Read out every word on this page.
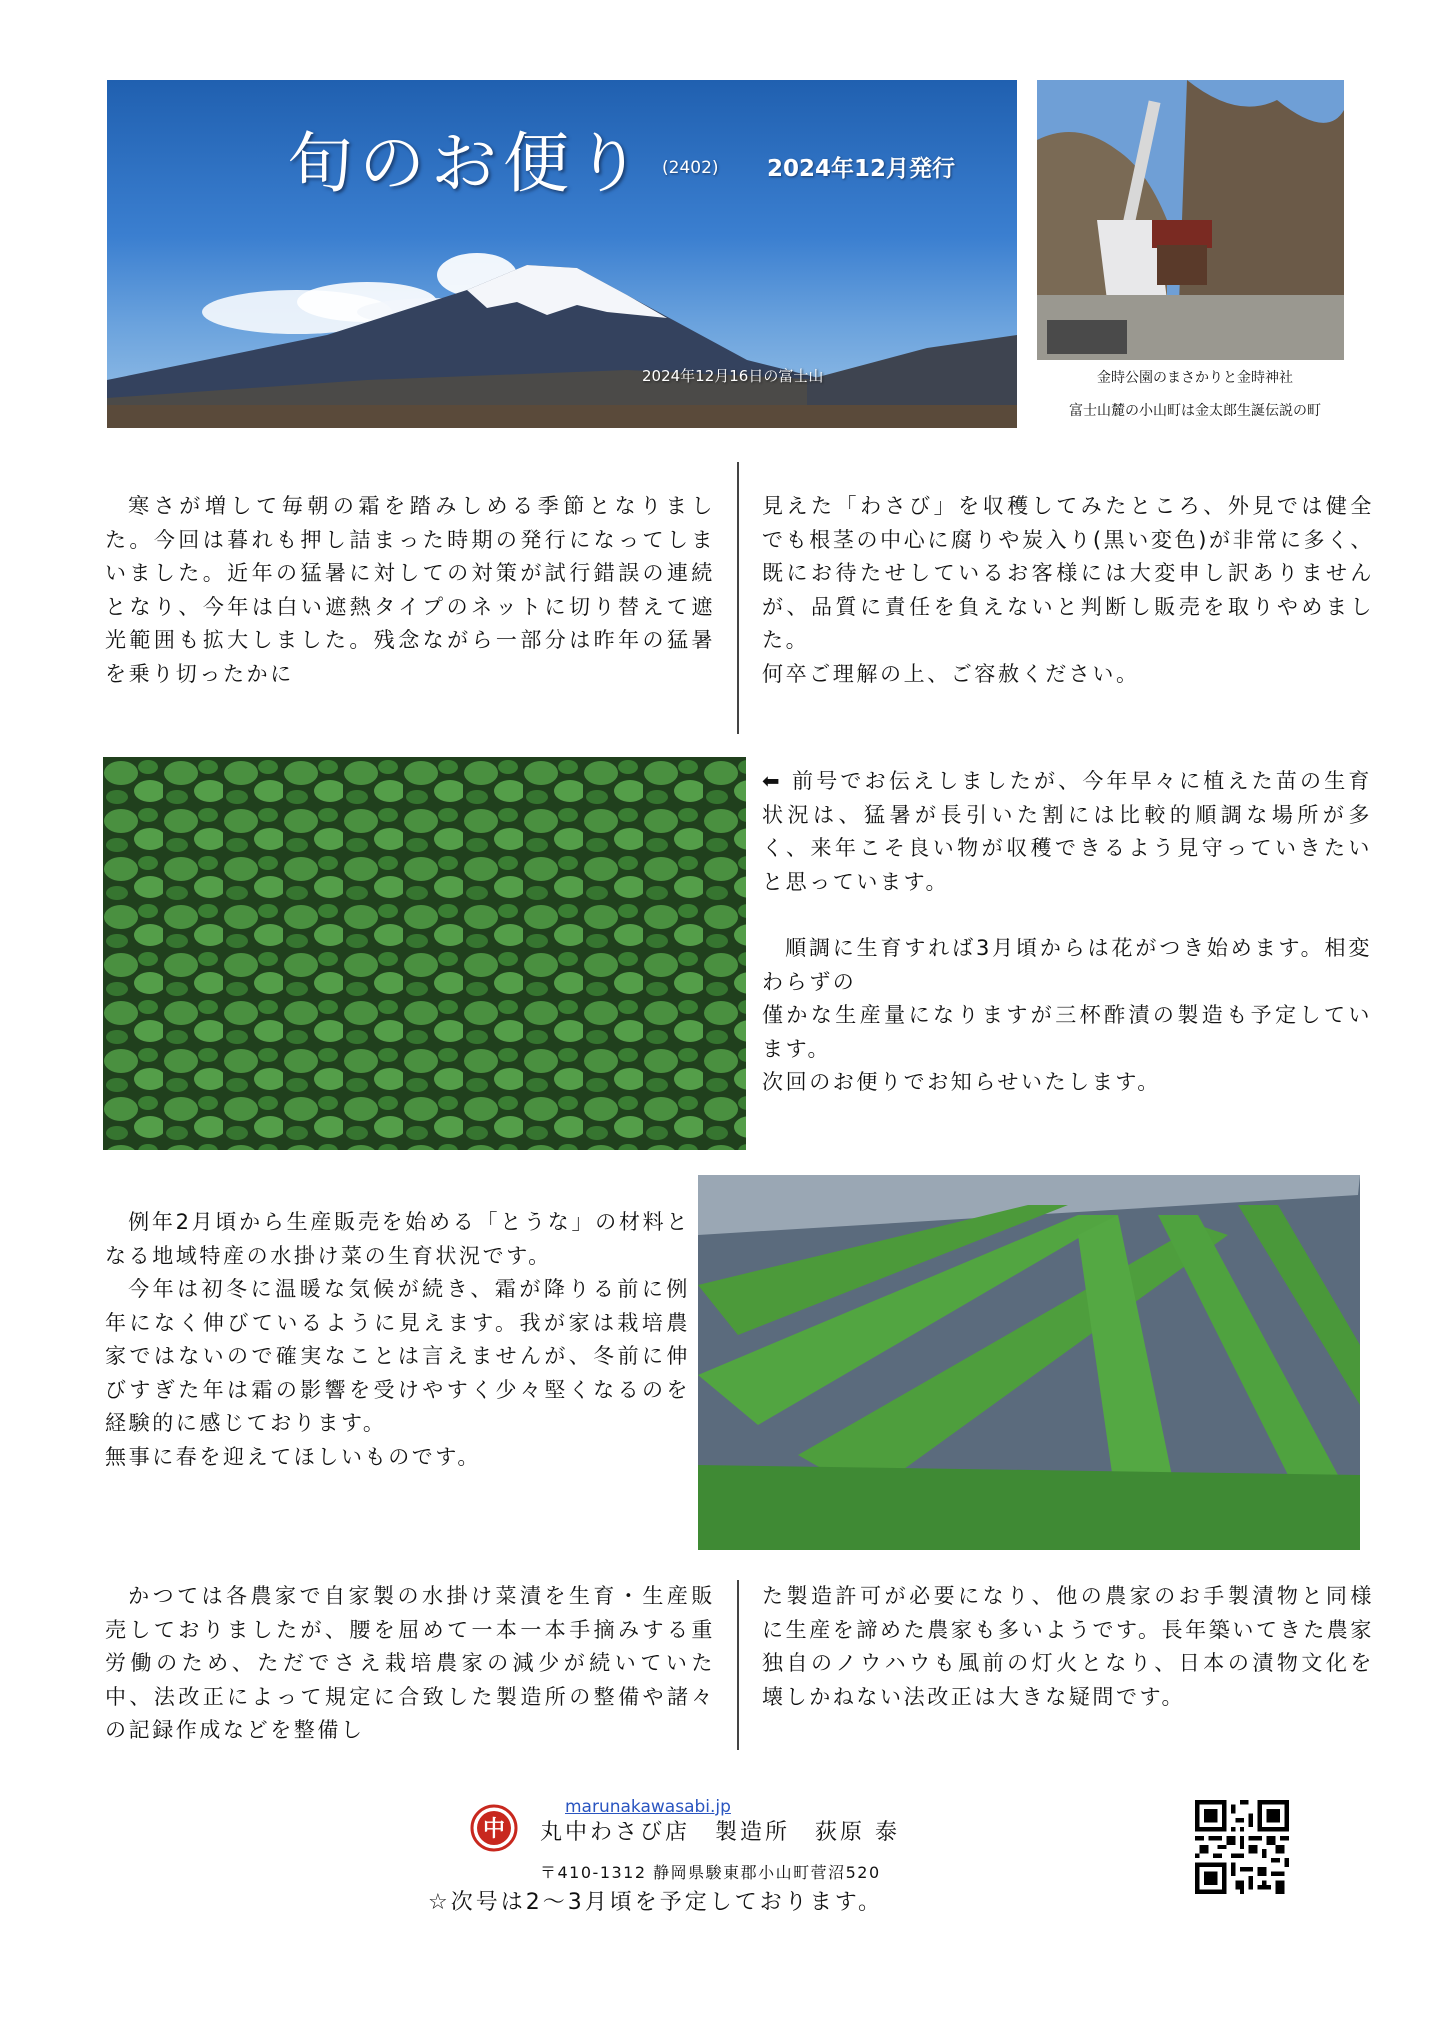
旬のお便り (2402) 2024年12月発行
2024年12月16日の富士山	金時公園のまさかりと金時神社
富士山麓の小山町は金太郎生誕伝説の町

寒さが増して毎朝の霜を踏みしめる季節となりました。今回は暮れも押し詰まった時期の発行になってしまいました。近年の猛暑に対しての対策が試行錯誤の連続となり、今年は白い遮熱タイプのネットに切り替えて遮光範囲も拡大しました。残念ながら一部分は昨年の猛暑を乗り切ったかに

見えた「わさび」を収穫してみたところ、外見では健全でも根茎の中心に腐りや炭入り(黒い変色)が非常に多く、既にお待たせしているお客様には大変申し訳ありませんが、品質に責任を負えないと判断し販売を取りやめました。

何卒ご理解の上、ご容赦ください。

⬅ 前号でお伝えしましたが、今年早々に植えた苗の生育状況は、猛暑が長引いた割には比較的順調な場所が多く、来年こそ良い物が収穫できるよう見守っていきたいと思っています。

順調に生育すれば3月頃からは花がつき始めます。相変わらずの

僅かな生産量になりますが三杯酢漬の製造も予定しています。

次回のお便りでお知らせいたします。

例年2月頃から生産販売を始める「とうな」の材料となる地域特産の水掛け菜の生育状況です。

今年は初冬に温暖な気候が続き、霜が降りる前に例年になく伸びているように見えます。我が家は栽培農家ではないので確実なことは言えませんが、冬前に伸びすぎた年は霜の影響を受けやすく少々堅くなるのを経験的に感じております。

無事に春を迎えてほしいものです。

かつては各農家で自家製の水掛け菜漬を生育・生産販売しておりましたが、腰を屈めて一本一本手摘みする重労働のため、ただでさえ栽培農家の減少が続いていた中、法改正によって規定に合致した製造所の整備や諸々の記録作成などを整備し

た製造許可が必要になり、他の農家のお手製漬物と同様に生産を諦めた農家も多いようです。長年築いてきた農家独自のノウハウも風前の灯火となり、日本の漬物文化を壊しかねない法改正は大きな疑問です。

marunakawasabi.jp
中 丸中わさび店　製造所　荻原 泰
〒410-1312 静岡県駿東郡小山町菅沼520
☆次号は2～3月頃を予定しております。
